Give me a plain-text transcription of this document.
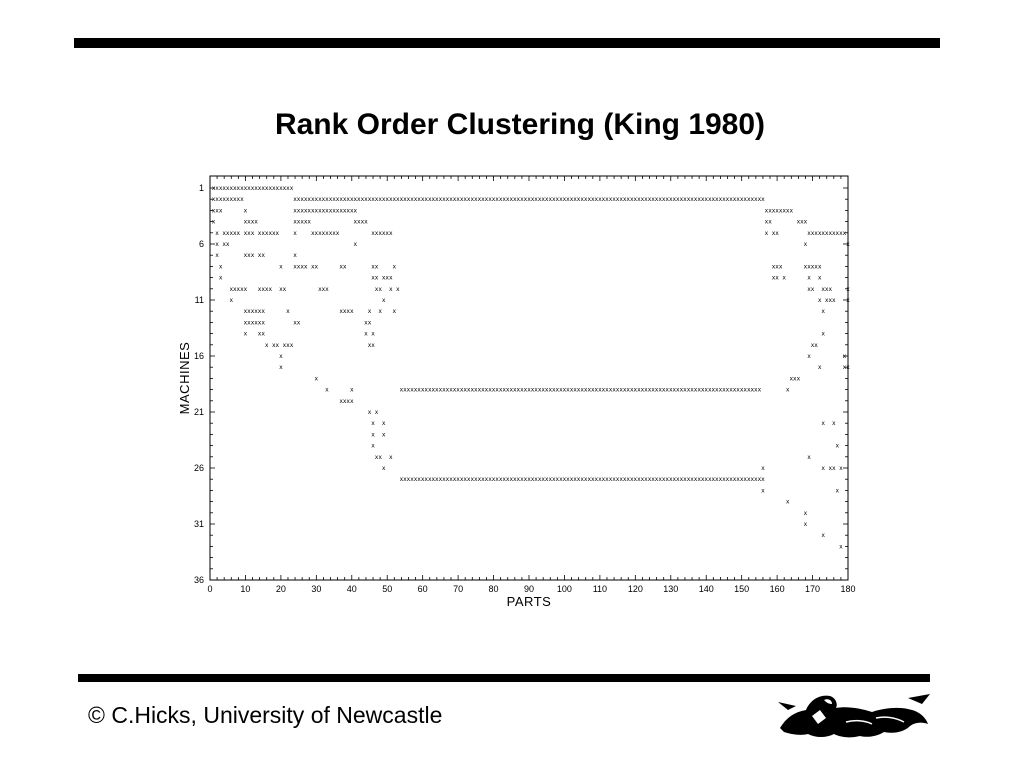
Rank Order Clustering (King 1980)
0	10	20	30	40	50	60	70	80	90	100 110 120 130 140 150 160 170 180
1
6
11
16
21
26
31
36
x x x x x x x x x x x x x x x x x x x x x x x
x x x x x x x x x	x x x x x x x x x x x x x x x x x x x x x x x x x x x x x x x x x x x x x x x x x x x x x x x x x x x x x x x x x x x x x x x x x x x x x x x x x x x x x x x x x x x x x x x x x x x x x x x x x x x x x x x x x x x x x x x x x x x x x x x x x x x x x x x x x x x x x
x x x	x	x x x x x x x x x x x x x x x x x x	x x x x x x x x
x	x x x x	x x x x x	x x x x	x x	x x x
x x x x x x x x x x x x x x x x x x x x x x x x	x x x x x x	x x x	x x x x x x x x x x x
x x x	x	x	x
x	x x x x x	x
x	x x x x x x x	x x	x x x	x x x	x x x x x
x	x x x x x	x x x	x x
x x x x x x x x x x x	x x x	x x x x	x x x x x x
x	x	x x x x x
x x x x x x	x	x x x x x x x	x
x x x x x x	x x	x x
x x x	x x	x
x x x x x x	x x	x x
x	x	x
x	x	x x
x	x x x
x	x	x x x x x x x x x x x x x x x x x x x x x x x x x x x x x x x x x x x x x x x x x x x x x x x x x x x x x x x x x x x x x x x x x x x x x x x x x x x x x x x x x x x x x x x x x x x x x x x x x x x x x x	x
x x x x
x x
x x	x x
x x
x	x
x x x	x
x	x	x x x x
x x x x x x x x x x x x x x x x x x x x x x x x x x x x x x x x x x x x x x x x x x x x x x x x x x x x x x x x x x x x x x x x x x x x x x x x x x x x x x x x x x x x x x x x x x x x x x x x x x x x x x x
x	x
x
x
x
x
x
PARTS
MACHINES
© C.Hicks, University of Newcastle
